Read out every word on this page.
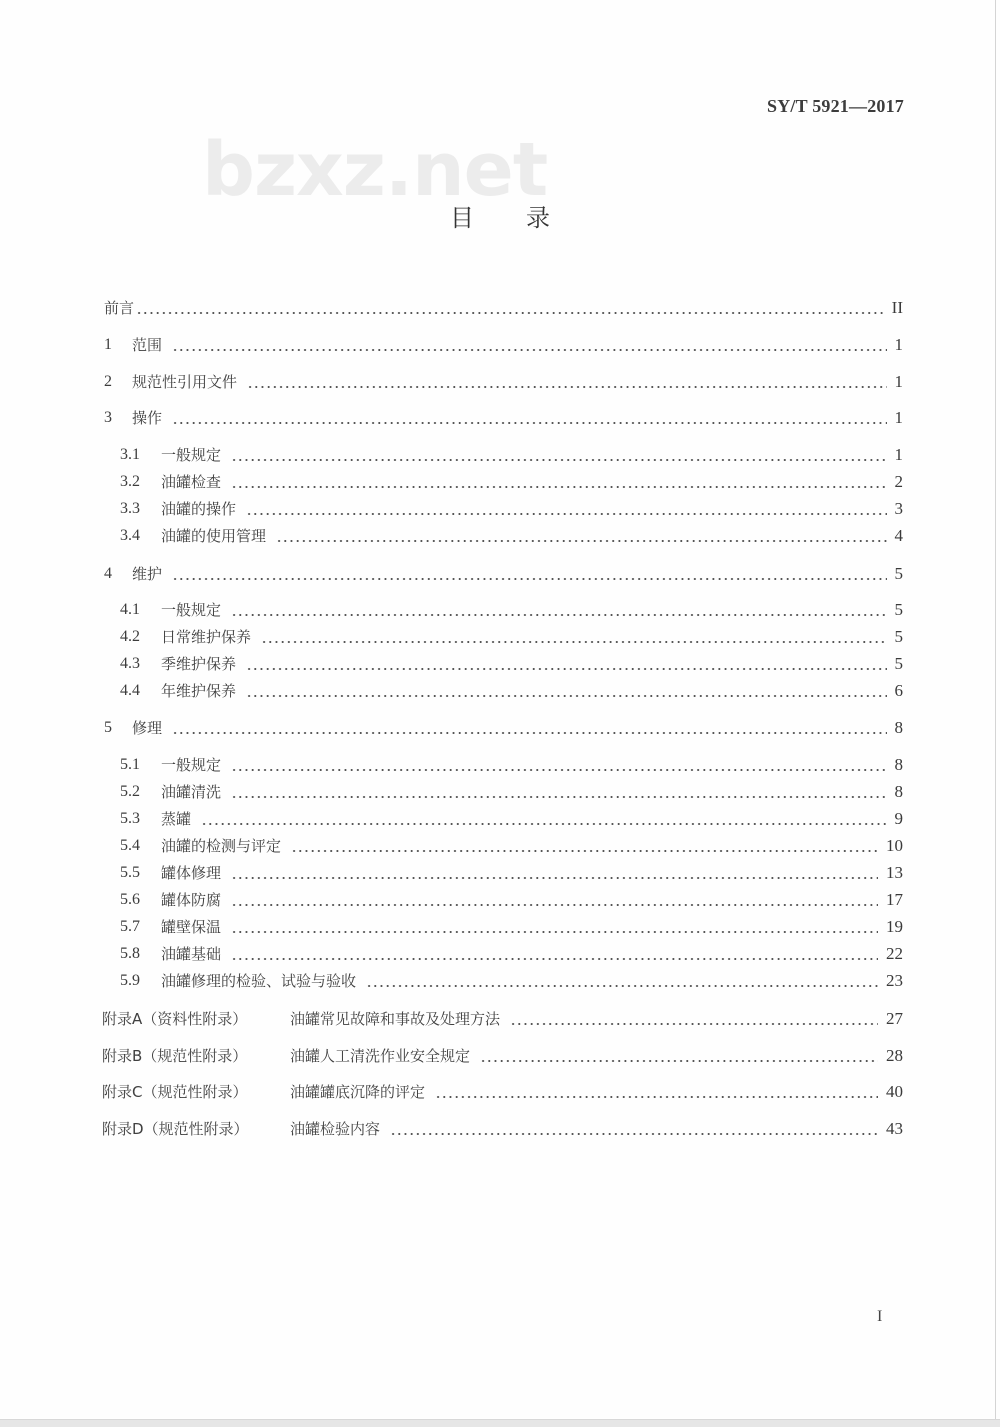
SY/T 5921—2017
bzxz.net
目录
前言	II
1	范围	1
2	规范性引用文件	1
3	操作	1
3.1	一般规定	1
3.2	油罐检查	2
3.3	油罐的操作	3
3.4	油罐的使用管理	4
4	维护	5
4.1	一般规定	5
4.2	日常维护保养	5
4.3	季维护保养	5
4.4	年维护保养	6
5	修理	8
5.1	一般规定	8
5.2	油罐清洗	8
5.3	蒸罐	9
5.4	油罐的检测与评定	10
5.5	罐体修理	13
5.6	罐体防腐	17
5.7	罐壁保温	19
5.8	油罐基础	22
5.9	油罐修理的检验、试验与验收	23
附录A（资料性附录）	油罐常见故障和事故及处理方法	27
附录B（规范性附录）	油罐人工清洗作业安全规定	28
附录C（规范性附录）	油罐罐底沉降的评定	40
附录D（规范性附录）	油罐检验内容	43
I
